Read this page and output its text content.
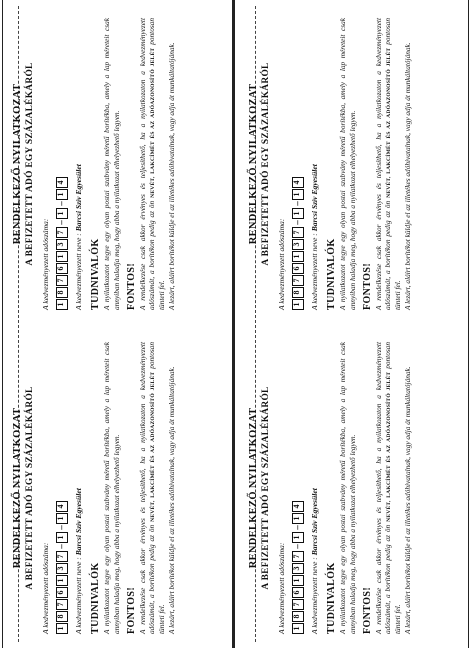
RENDELKEZŐ NYILATKOZAT A BEFIZETETT ADÓ EGY SZÁZALÉKÁRÓL A kedvezményezett adószáma: 1
8
7
6
1
3
7
–
1
–
1
4
A kedvezményezett neve : Barcsi Szív Egyesület
TUDNIVALÓK A nyilatkozatot tegye egy olyan postai szabvány méretű borítékba, amely a lap méreteit csak annyiban haladja meg, hogy abba a nyilatkozat elhelyezhető legyen. FONTOS! A rendelkezése csak akkor érvényes és teljesíthető, ha a nyilatkozaton a kedvezményezett adószámát, a borítékon pedig az ön NEVÉT, LAKCÍMÉT ÉS AZ ADÓAZONOSÍTÓ JELÉT pontosan tünteti fel. A lezárt, aláírt borítékot küldje el az illetékes adóhivatalnak, vagy adja át munkáltatójának.
RENDELKEZŐ NYILATKOZAT A BEFIZETETT ADÓ EGY SZÁZALÉKÁRÓL A kedvezményezett adószáma: 1
8
7
6
1
3
7
–
1
–
1
4
A kedvezményezett neve : Barcsi Szív Egyesület
TUDNIVALÓK A nyilatkozatot tegye egy olyan postai szabvány méretű borítékba, amely a lap méreteit csak annyiban haladja meg, hogy abba a nyilatkozat elhelyezhető legyen. FONTOS! A rendelkezése csak akkor érvényes és teljesíthető, ha a nyilatkozaton a kedvezményezett adószámát, a borítékon pedig az ön NEVÉT, LAKCÍMÉT ÉS AZ ADÓAZONOSÍTÓ JELÉT pontosan tünteti fel. A lezárt, aláírt borítékot küldje el az illetékes adóhivatalnak, vagy adja át munkáltatójának.
RENDELKEZŐ NYILATKOZAT A BEFIZETETT ADÓ EGY SZÁZALÉKÁRÓL A kedvezményezett adószáma: 1
8
7
6
1
3
7
–
1
–
1
4
A kedvezményezett neve : Barcsi Szív Egyesület
TUDNIVALÓK A nyilatkozatot tegye egy olyan postai szabvány méretű borítékba, amely a lap méreteit csak annyiban haladja meg, hogy abba a nyilatkozat elhelyezhető legyen. FONTOS! A rendelkezése csak akkor érvényes és teljesíthető, ha a nyilatkozaton a kedvezményezett adószámát, a borítékon pedig az ön NEVÉT, LAKCÍMÉT ÉS AZ ADÓAZONOSÍTÓ JELÉT pontosan tünteti fel. A lezárt, aláírt borítékot küldje el az illetékes adóhivatalnak, vagy adja át munkáltatójának.
RENDELKEZŐ NYILATKOZAT A BEFIZETETT ADÓ EGY SZÁZALÉKÁRÓL A kedvezményezett adószáma: 1
8
7
6
1
3
7
–
1
–
1
4
A kedvezményezett neve : Barcsi Szív Egyesület
TUDNIVALÓK A nyilatkozatot tegye egy olyan postai szabvány méretű borítékba, amely a lap méreteit csak annyiban haladja meg, hogy abba a nyilatkozat elhelyezhető legyen. FONTOS! A rendelkezése csak akkor érvényes és teljesíthető, ha a nyilatkozaton a kedvezményezett adószámát, a borítékon pedig az ön NEVÉT, LAKCÍMÉT ÉS AZ ADÓAZONOSÍTÓ JELÉT pontosan tünteti fel. A lezárt, aláírt borítékot küldje el az illetékes adóhivatalnak, vagy adja át munkáltatójának.
